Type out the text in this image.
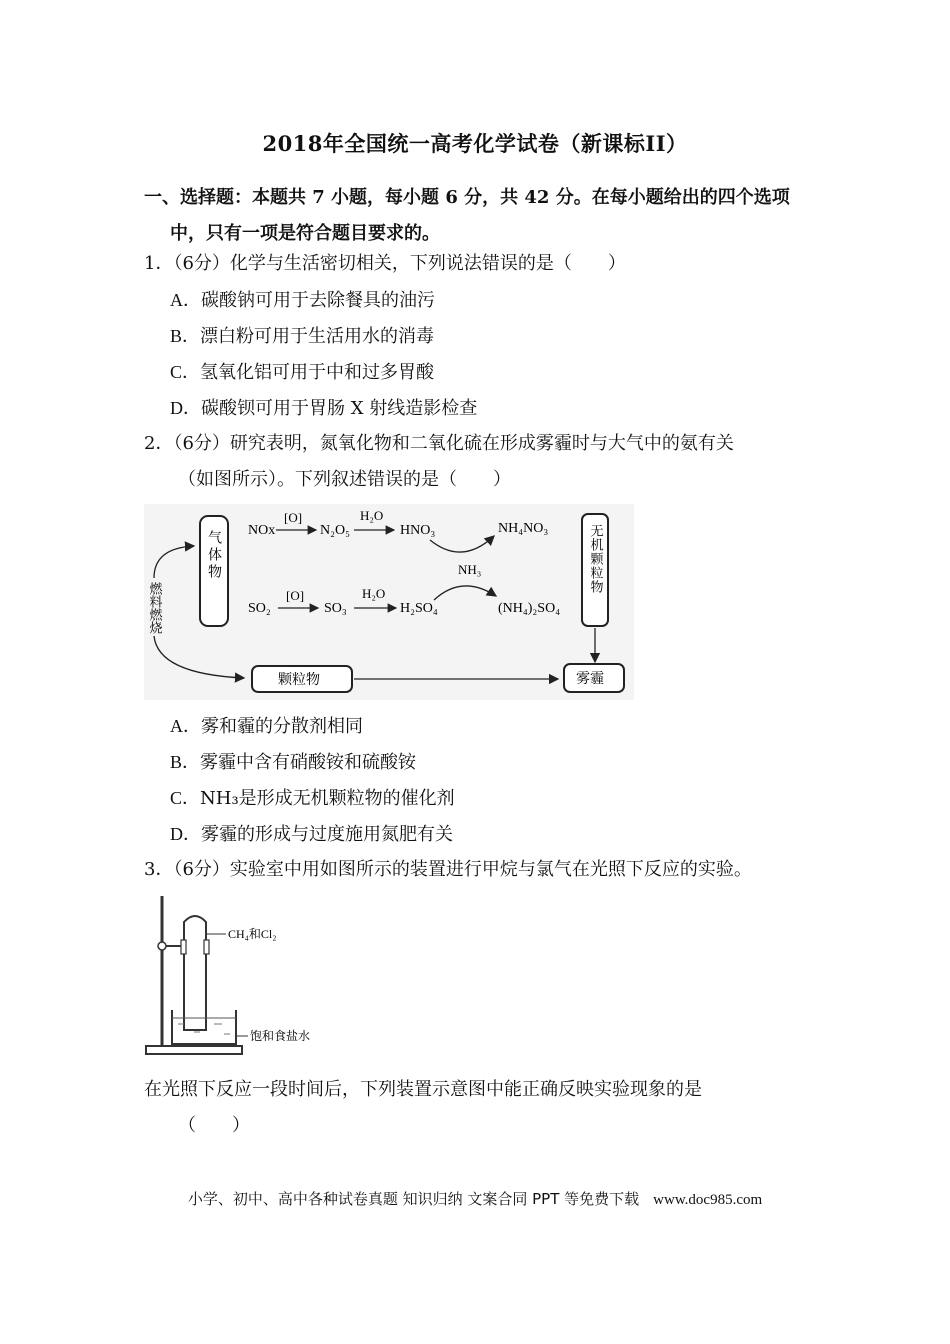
2018年全国统一高考化学试卷（新课标II）
一、选择题：本题共 7 小题，每小题 6 分，共 42 分。在每小题给出的四个选项
中，只有一项是符合题目要求的。
1．（6分）化学与生活密切相关，下列说法错误的是（　　）
A．碳酸钠可用于去除餐具的油污
B．漂白粉可用于生活用水的消毒
C．氢氧化铝可用于中和过多胃酸
D．碳酸钡可用于胃肠 X 射线造影检查
2．（6分）研究表明，氮氧化物和二氧化硫在形成雾霾时与大气中的氨有关
（如图所示）。下列叙述错误的是（　　）
气体物
燃料燃烧
NOx
[O]
N₂O₅
H₂O
HNO₃	NH₄NO₃
NH₃
SO₂
[O]
SO₃
H₂O
H₂SO₄	(NH₄)₂SO₄
无机颗粒物
颗粒物	雾霾
A．雾和霾的分散剂相同
B．雾霾中含有硝酸铵和硫酸铵
C．NH₃是形成无机颗粒物的催化剂
D．雾霾的形成与过度施用氮肥有关
3．（6分）实验室中用如图所示的装置进行甲烷与氯气在光照下反应的实验。
CH₄和Cl₂
饱和食盐水
在光照下反应一段时间后，下列装置示意图中能正确反映实验现象的是
（　　）
小学、初中、高中各种试卷真题 知识归纳 文案合同 PPT 等免费下载 www.doc985.com
